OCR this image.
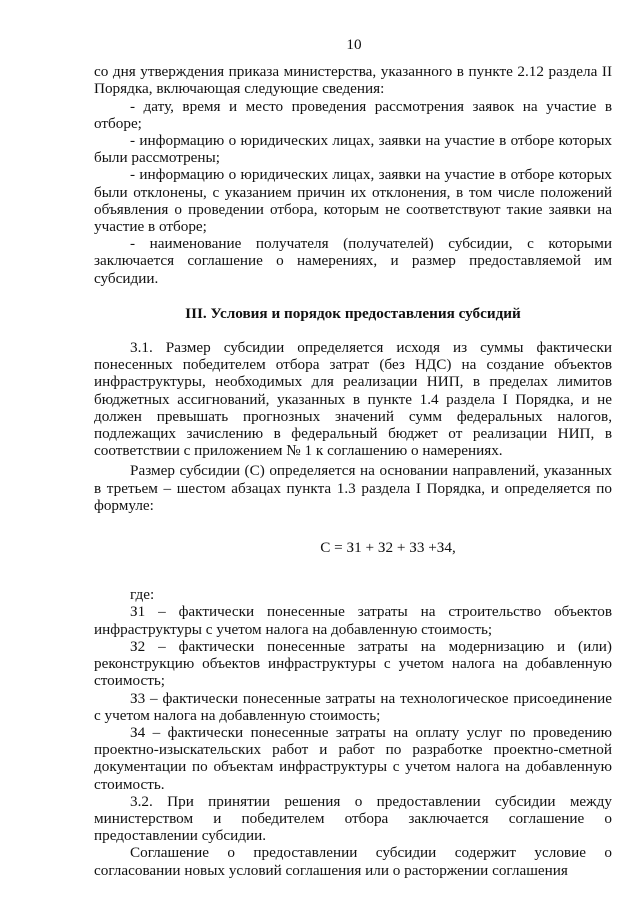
10

со дня утверждения приказа министерства, указанного в пункте 2.12 раздела II Порядка, включающая следующие сведения:

- дату, время и место проведения рассмотрения заявок на участие в отборе;

- информацию о юридических лицах, заявки на участие в отборе которых были рассмотрены;

- информацию о юридических лицах, заявки на участие в отборе которых были отклонены, с указанием причин их отклонения, в том числе положений объявления о проведении отбора, которым не соответствуют такие заявки на участие в отборе;

- наименование получателя (получателей) субсидии, с которыми заключается соглашение о намерениях, и размер предоставляемой им субсидии.

III. Условия и порядок предоставления субсидий

3.1. Размер субсидии определяется исходя из суммы фактически понесенных победителем отбора затрат (без НДС) на создание объектов инфраструктуры, необходимых для реализации НИП, в пределах лимитов бюджетных ассигнований, указанных в пункте 1.4 раздела I Порядка, и не должен превышать прогнозных значений сумм федеральных налогов, подлежащих зачислению в федеральный бюджет от реализации НИП, в соответствии с приложением № 1 к соглашению о намерениях.

Размер субсидии (С) определяется на основании направлений, указанных в третьем – шестом абзацах пункта 1.3 раздела I Порядка, и определяется по формуле:

С = З1 + З2 + З3 +З4,

где:

З1 – фактически понесенные затраты на строительство объектов инфраструктуры с учетом налога на добавленную стоимость;

З2 – фактически понесенные затраты на модернизацию и (или) реконструкцию объектов инфраструктуры с учетом налога на добавленную стоимость;

З3 – фактически понесенные затраты на технологическое присоединение с учетом налога на добавленную стоимость;

З4 – фактически понесенные затраты на оплату услуг по проведению проектно-изыскательских работ и работ по разработке проектно-сметной документации по объектам инфраструктуры с учетом налога на добавленную стоимость.

3.2. При принятии решения о предоставлении субсидии между министерством и победителем отбора заключается соглашение о предоставлении субсидии.

Соглашение о предоставлении субсидии содержит условие о согласовании новых условий соглашения или о расторжении соглашения
